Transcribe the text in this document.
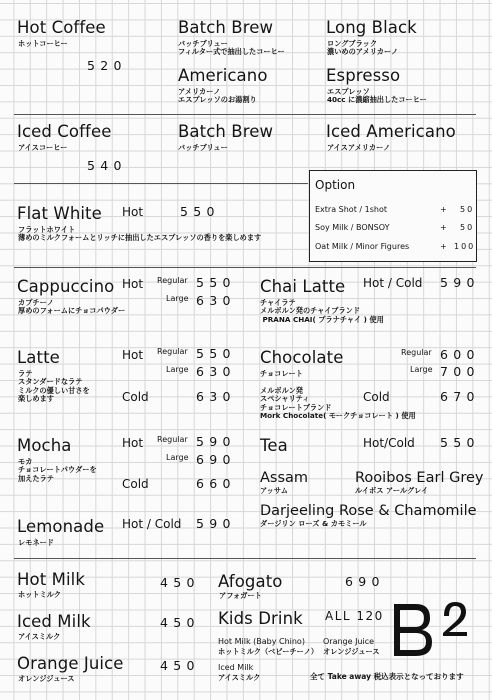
Hot Coffee
ホットコーヒー
520
Batch Brew
バッチブリュー
フィルター式で抽出したコーヒー
Long Black
ロングブラック
濃いめのアメリカーノ
Americano
アメリカーノ
エスプレッソのお湯割り
Espresso
エスプレッソ
40cc に濃縮抽出したコーヒー
Iced Coffee
アイスコーヒー
540
Batch Brew
バッチブリュー
Iced Americano
アイスアメリカーノ
Option
Extra Shot / 1shot	+ 50
Soy Milk / BONSOY	+ 50
Oat Milk / Minor Figures	+ 100
Flat White Hot	550
フラットホワイト
薄めのミルクフォームとリッチに抽出したエスプレッソの香りを楽しめます
Cappuccino Hot Regular 550
Large 630
カプチーノ
厚めのフォームにチョコパウダー
Chai Latte Hot / Cold 590
チャイラテ
メルボルン発のチャイブランド
PRANA CHAI( プラナチャイ ) 使用
Latte	Hot Regular 550
Large 630
Cold	630
ラテ
スタンダードなラテ
ミルクの優しい甘さを
楽しめます
Chocolate	Regular 600
Large 700
Cold	670
チョコレート

メルボルン発
スペシャリティ
チョコレートブランド
Mork Chocolate( モークチョコレート ) 使用
Mocha	Hot Regular 590
Large 690
Cold	660
モカ
チョコレートパウダーを
加えたラテ
Tea	Hot/Cold 550
Assam
アッサム
Rooibos Earl Grey
ルイボス アールグレイ
Darjeeling Rose & Chamomile
ダージリン ローズ & カモミール
Lemonade Hot / Cold 590
レモネード
Hot Milk
ホットミルク
450
Iced Milk
アイスミルク
450
Orange Juice
オレンジジュース
450
Afogato
アフォガート
690
Kids Drink ALL 120
Hot Milk (Baby Chino)
ホットミルク（ベビーチーノ）
Orange Juice
オレンジジュース
Iced Milk
アイスミルク	全て Take away 税込表示となっております
